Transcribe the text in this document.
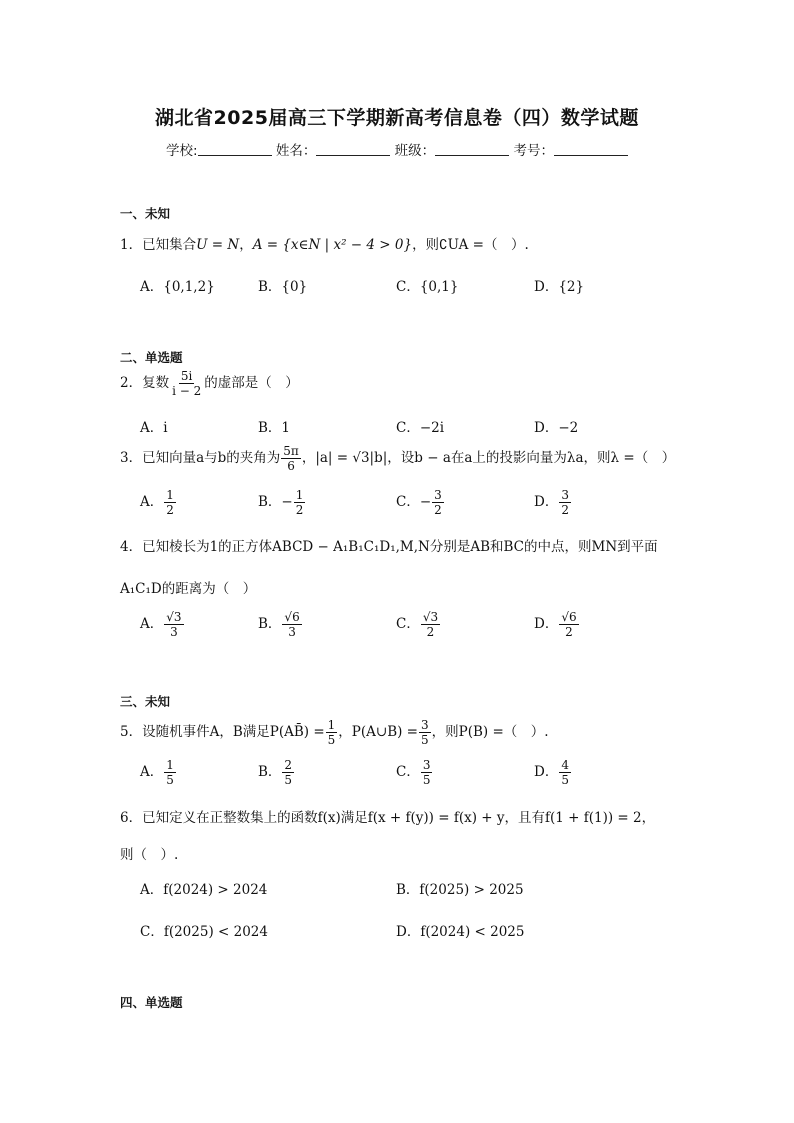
湖北省2025届高三下学期新高考信息卷（四）数学试题
学校:	姓名：	班级：	考号：
一、未知
1．已知集合U = N，A = {x∈N | x² − 4 > 0}，则∁UA =（　）.
A．{0,1,2}	B．{0}	C．{0,1}	D．{2}
二、单选题
2．复数 $\frac{5i}{i - 2}$ 的虚部是（　）
A．i	B．1	C．−2i	D．−2
3．已知向量a与b的夹角为 $\frac{5\pi}{6}$ ，|a| = √3|b|，设b − a在a上的投影向量为λa，则λ =（　）
A． $\frac{1}{2}$	B．− $\frac{1}{2}$	C．− $\frac{3}{2}$	D． $\frac{3}{2}$
4．已知棱长为1的正方体ABCD − A₁B₁C₁D₁,M,N分别是AB和BC的中点，则MN到平面
A₁C₁D的距离为（　）
A． $\frac{√3}{3}$	B． $\frac{√6}{3}$	C． $\frac{√3}{2}$	D． $\frac{√6}{2}$
三、未知
5．设随机事件A，B满足P(AB̄) = $\frac{1}{5}$ ，P(A∪B) = $\frac{3}{5}$ ，则P(B) =（　）.
A． $\frac{1}{5}$	B． $\frac{2}{5}$	C． $\frac{3}{5}$	D． $\frac{4}{5}$
6．已知定义在正整数集上的函数f(x)满足f(x + f(y)) = f(x) + y，且有f(1 + f(1)) = 2，
则（　）.
A．f(2024) > 2024	B．f(2025) > 2025
C．f(2025) < 2024	D．f(2024) < 2025
四、单选题
